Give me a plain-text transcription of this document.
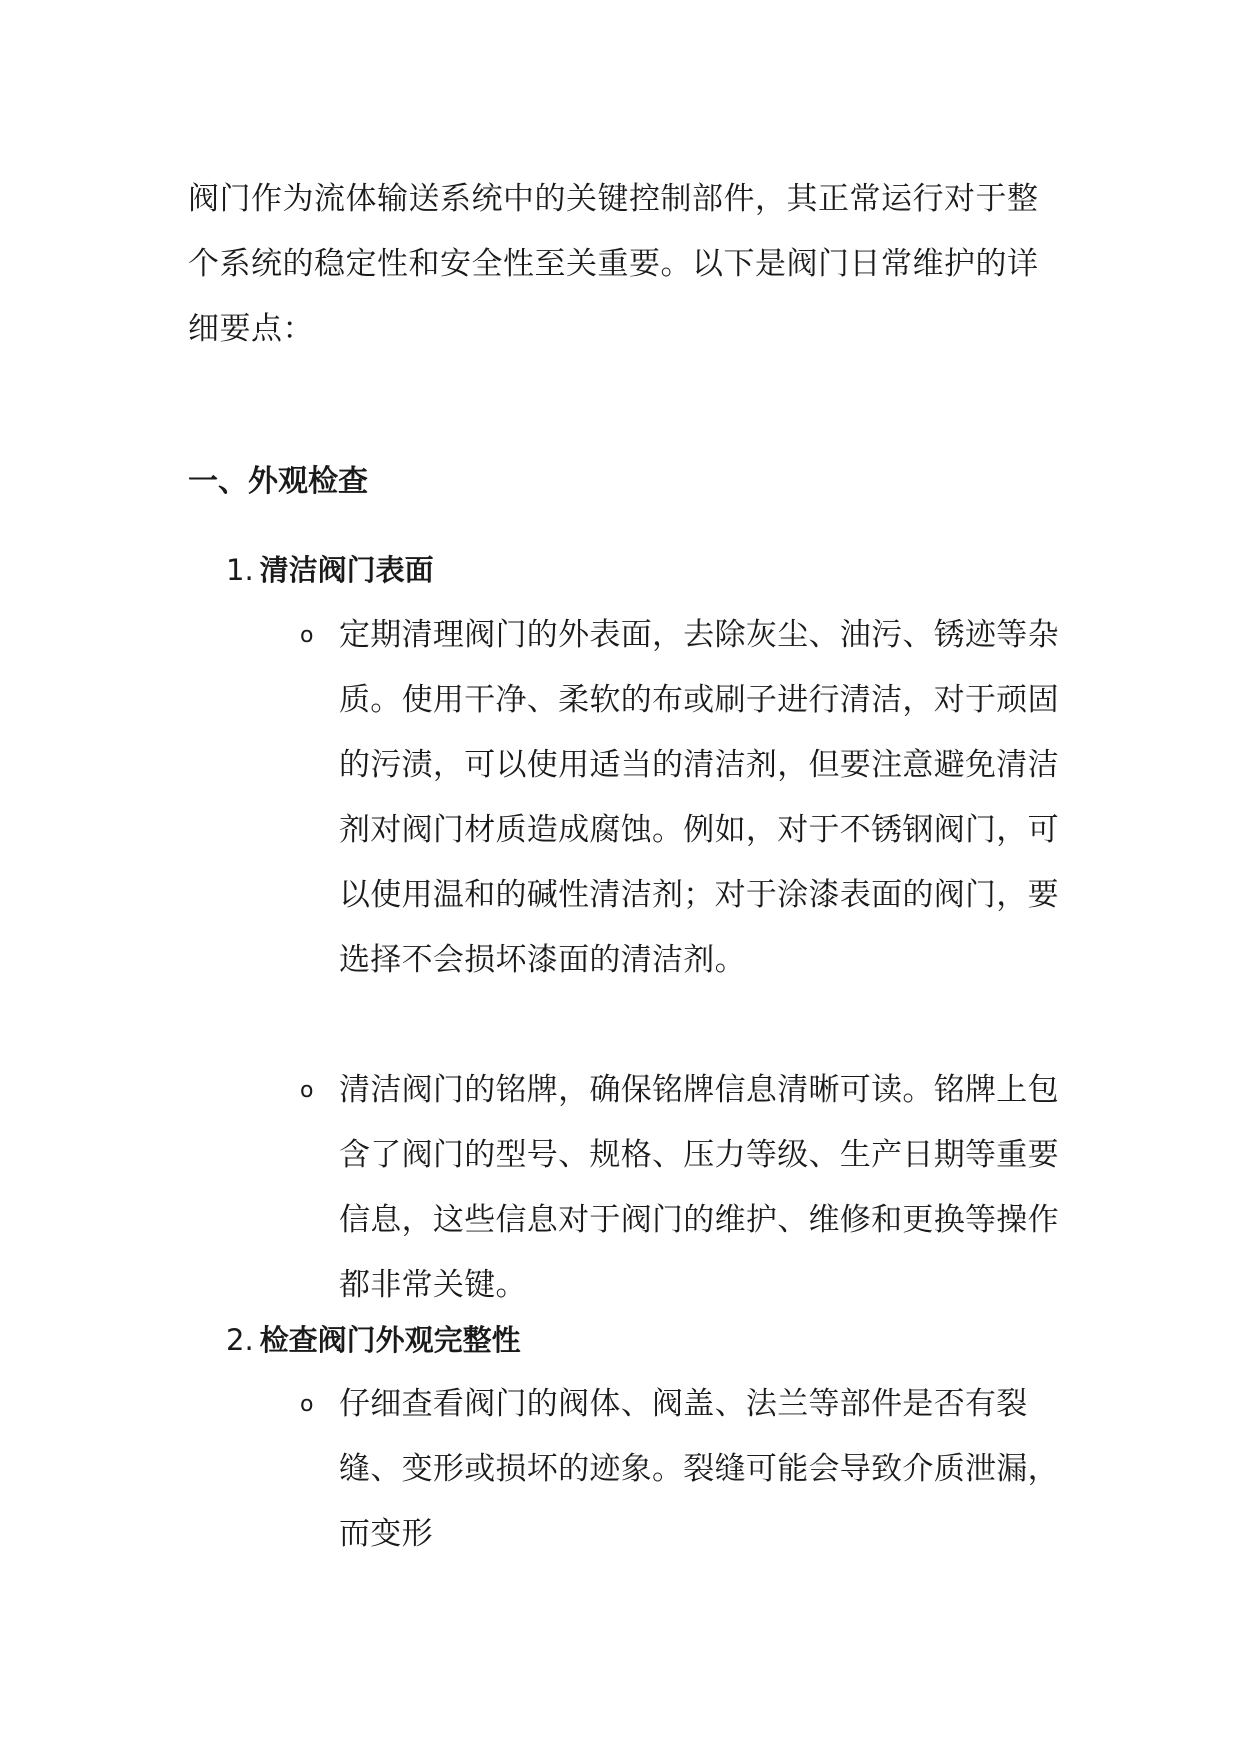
阀门作为流体输送系统中的关键控制部件，其正常运行对于整个系统的稳定性和安全性至关重要。以下是阀门日常维护的详细要点：

一、外观检查
1. 清洁阀门表面
o 定期清理阀门的外表面，去除灰尘、油污、锈迹等杂质。使用干净、柔软的布或刷子进行清洁，对于顽固的污渍，可以使用适当的清洁剂，但要注意避免清洁剂对阀门材质造成腐蚀。例如，对于不锈钢阀门，可以使用温和的碱性清洁剂；对于涂漆表面的阀门，要选择不会损坏漆面的清洁剂。

o 清洁阀门的铭牌，确保铭牌信息清晰可读。铭牌上包含了阀门的型号、规格、压力等级、生产日期等重要信息，这些信息对于阀门的维护、维修和更换等操作都非常关键。

2. 检查阀门外观完整性
o 仔细查看阀门的阀体、阀盖、法兰等部件是否有裂缝、变形或损坏的迹象。裂缝可能会导致介质泄漏，而变形
